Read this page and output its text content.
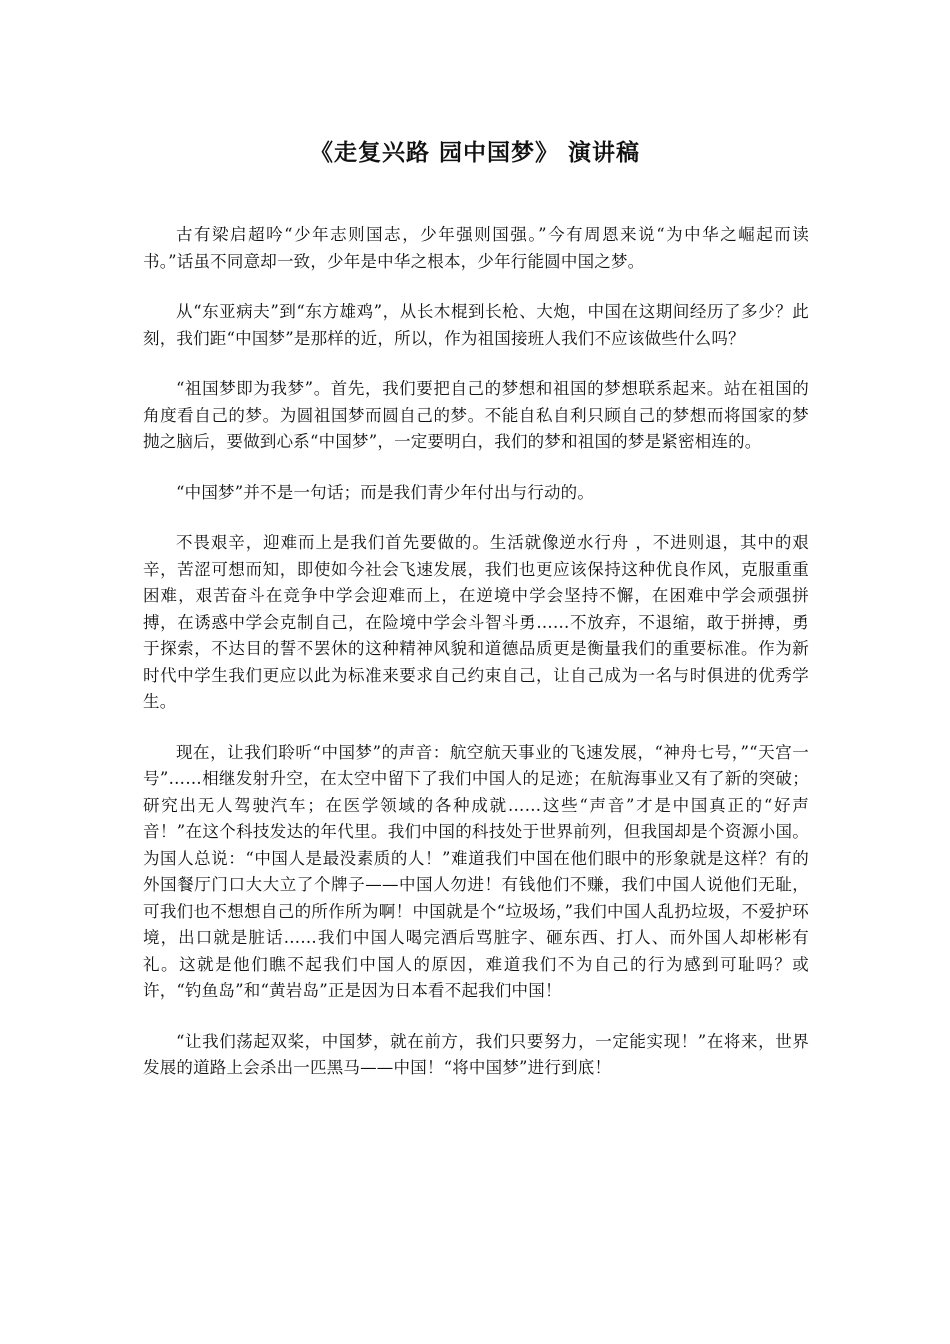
《走复兴路 园中国梦》 演讲稿

古有梁启超吟“少年志则国志，少年强则国强。”今有周恩来说“为中华之崛起而读书。”话虽不同意却一致，少年是中华之根本，少年行能圆中国之梦。

从“东亚病夫”到“东方雄鸡”，从长木棍到长枪、大炮，中国在这期间经历了多少？此刻，我们距“中国梦”是那样的近，所以，作为祖国接班人我们不应该做些什么吗？

“祖国梦即为我梦”。首先，我们要把自己的梦想和祖国的梦想联系起来。站在祖国的角度看自己的梦。为圆祖国梦而圆自己的梦。不能自私自利只顾自己的梦想而将国家的梦抛之脑后，要做到心系“中国梦”，一定要明白，我们的梦和祖国的梦是紧密相连的。

“中国梦”并不是一句话；而是我们青少年付出与行动的。

不畏艰辛，迎难而上是我们首先要做的。生活就像逆水行舟 ，不进则退，其中的艰辛，苦涩可想而知，即使如今社会飞速发展，我们也更应该保持这种优良作风，克服重重困难，艰苦奋斗在竞争中学会迎难而上，在逆境中学会坚持不懈，在困难中学会顽强拼搏，在诱惑中学会克制自己，在险境中学会斗智斗勇……不放弃，不退缩，敢于拼搏，勇于探索，不达目的誓不罢休的这种精神风貌和道德品质更是衡量我们的重要标准。作为新时代中学生我们更应以此为标准来要求自己约束自己，让自己成为一名与时俱进的优秀学生。

现在，让我们聆听“中国梦”的声音：航空航天事业的飞速发展，“神舟七号，”“天宫一号”……相继发射升空，在太空中留下了我们中国人的足迹；在航海事业又有了新的突破；研究出无人驾驶汽车；在医学领域的各种成就……这些“声音”才是中国真正的“好声音！”在这个科技发达的年代里。我们中国的科技处于世界前列，但我国却是个资源小国。为国人总说：“中国人是最没素质的人！”难道我们中国在他们眼中的形象就是这样？有的外国餐厅门口大大立了个牌子——中国人勿进！有钱他们不赚，我们中国人说他们无耻，可我们也不想想自己的所作所为啊！中国就是个“垃圾场，”我们中国人乱扔垃圾，不爱护环境，出口就是脏话……我们中国人喝完酒后骂脏字、砸东西、打人、而外国人却彬彬有礼。这就是他们瞧不起我们中国人的原因，难道我们不为自己的行为感到可耻吗？或许，“钓鱼岛”和“黄岩岛”正是因为日本看不起我们中国！

“让我们荡起双桨，中国梦，就在前方，我们只要努力，一定能实现！”在将来，世界发展的道路上会杀出一匹黑马——中国！“将中国梦”进行到底！
